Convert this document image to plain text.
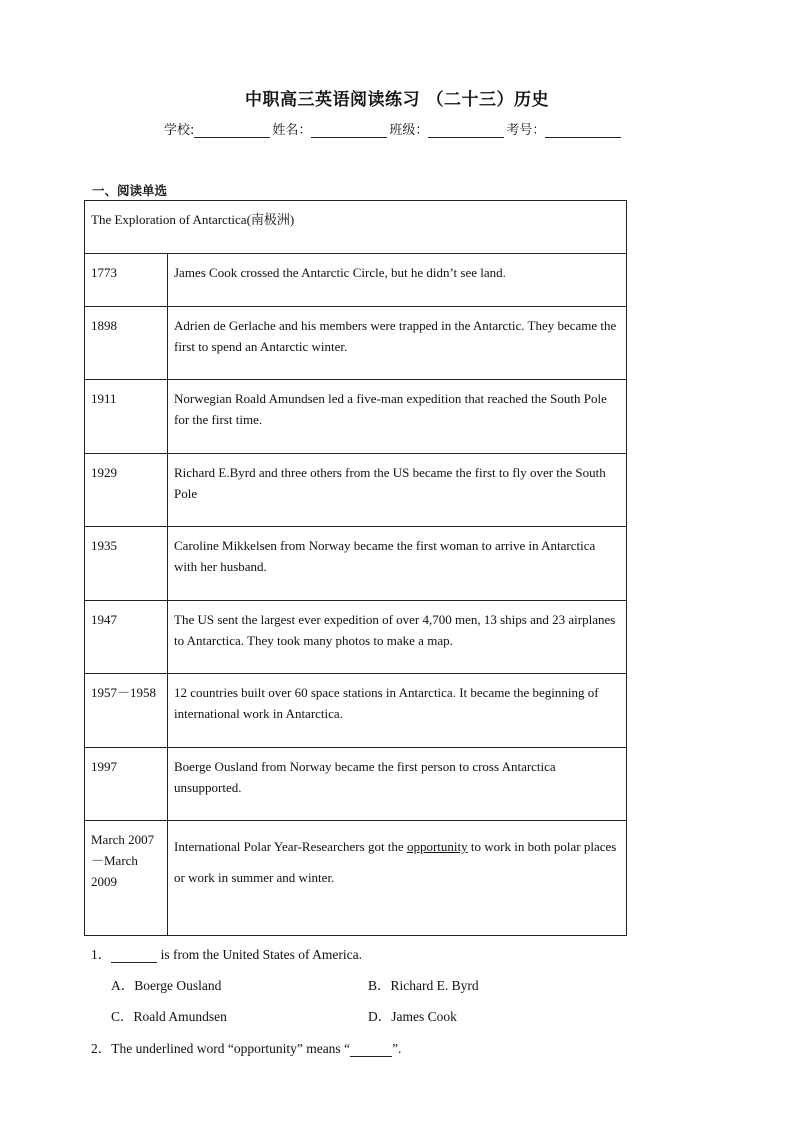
中职高三英语阅读练习 （二十三）历史
学校:	姓名：	班级：	考号：
一、阅读单选
The Exploration of Antarctica(南极洲)	
1773	James Cook crossed the Antarctic Circle, but he didn’t see land.
1898	Adrien de Gerlache and his members were trapped in the Antarctic. They became the first to spend an Antarctic winter.
1911	Norwegian Roald Amundsen led a five-man expedition that reached the South Pole for the first time.
1929	Richard E.Byrd and three others from the US became the first to fly over the South Pole
1935	Caroline Mikkelsen from Norway became the first woman to arrive in Antarctica with her husband.
1947	The US sent the largest ever expedition of over 4,700 men, 13 ships and 23 airplanes to Antarctica. They took many photos to make a map.
1957－1958	12 countries built over 60 space stations in Antarctica. It became the beginning of international work in Antarctica.
1997	Boerge Ousland from Norway became the first person to cross Antarctica unsupported.
March 2007－March 2009	International Polar Year-Researchers got the opportunity to work in both polar places or work in summer and winter.
1．	is from the United States of America.
A．Boerge Ousland	B．Richard E. Byrd
C．Roald Amundsen	D．James Cook
2．The underlined word “opportunity” means “	”.
